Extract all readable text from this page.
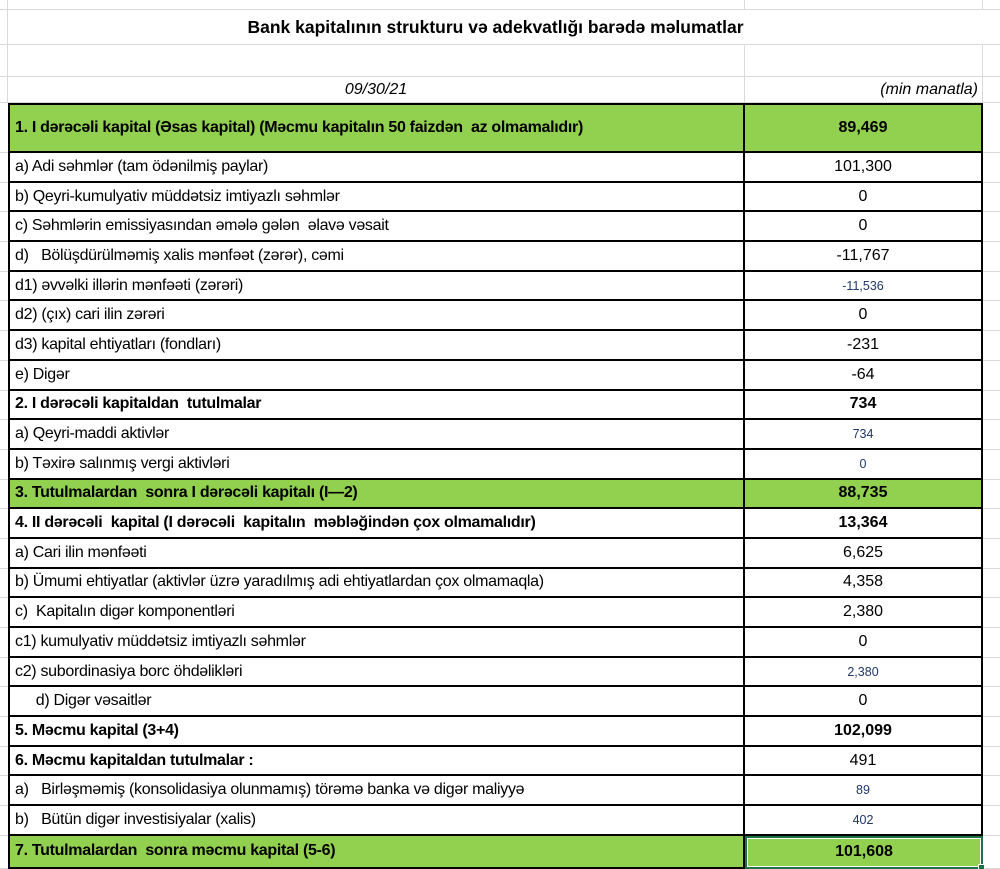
Bank kapitalının strukturu və adekvatlığı barədə məlumatlar
09/30/21	(min manatla)
1. I dərəcəli kapital (Əsas kapital) (Məcmu kapitalın 50 faizdən  az olmamalıdır)	89,469
a) Adi səhmlər (tam ödənilmiş paylar)	101,300
b) Qeyri-kumulyativ müddətsiz imtiyazlı səhmlər	0
c) Səhmlərin emissiyasından əmələ gələn  əlavə vəsait	0
d)   Bölüşdürülməmiş xalis mənfəət (zərər), cəmi	-11,767
d1) əvvəlki illərin mənfəəti (zərəri)	-11,536
d2) (çıx) cari ilin zərəri	0
d3) kapital ehtiyatları (fondları)	-231
e) Digər	-64
2. I dərəcəli kapitaldan  tutulmalar	734
a) Qeyri-maddi aktivlər	734
b) Təxirə salınmış vergi aktivləri	0
3. Tutulmalardan  sonra I dərəcəli kapitalı (I—2)	88,735
4. II dərəcəli  kapital (I dərəcəli  kapitalın  məbləğindən çox olmamalıdır)	13,364
a) Cari ilin mənfəəti	6,625
b) Ümumi ehtiyatlar (aktivlər üzrə yaradılmış adi ehtiyatlardan çox olmamaqla)	4,358
c)  Kapitalın digər komponentləri	2,380
c1) kumulyativ müddətsiz imtiyazlı səhmlər	0
c2) subordinasiya borc öhdəlikləri	2,380
d) Digər vəsaitlər	0
5. Məcmu kapital (3+4)	102,099
6. Məcmu kapitaldan tutulmalar :	491
a)   Birləşməmiş (konsolidasiya olunmamış) törəmə banka və digər maliyyə	89
b)   Bütün digər investisiyalar (xalis)	402
7. Tutulmalardan  sonra məcmu kapital (5-6)	101,608
